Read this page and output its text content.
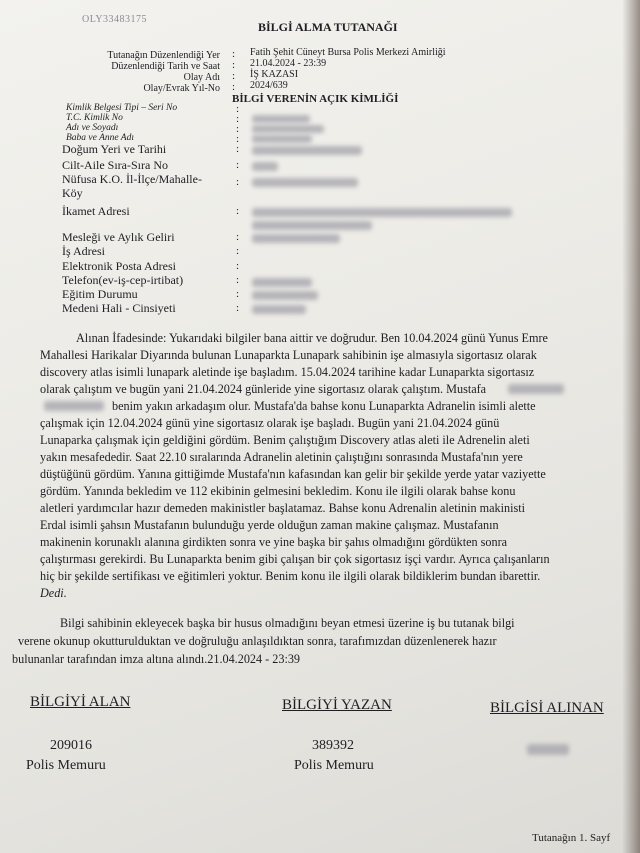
OLY33483175
BİLGİ ALMA TUTANAĞI
Tutanağın Düzenlendiği Yer : Fatih Şehit Cüneyt Bursa Polis Merkezi Amirliği
Düzenlendiği Tarih ve Saat : 21.04.2024 - 23:39
Olay Adı : İŞ KAZASI
Olay/Evrak Yıl-No : 2024/639
BİLGİ VERENİN AÇIK KİMLİĞİ
Kimlik Belgesi Tipi – Seri No	:
T.C. Kimlik No	:
Adı ve Soyadı	:
Baba ve Anne Adı	:
Doğum Yeri ve Tarihi	:
Cilt-Aile Sıra-Sıra No	:
Nüfusa K.O. İl-İlçe/Mahalle-	:
Köy
İkamet Adresi	:
Mesleği ve Aylık Geliri	:
İş Adresi	:
Elektronik Posta Adresi	:
Telefon(ev-iş-cep-irtibat)	:
Eğitim Durumu	:
Medeni Hali - Cinsiyeti	:
Alınan İfadesinde: Yukarıdaki bilgiler bana aittir ve doğrudur. Ben 10.04.2024 günü Yunus Emre
Mahallesi Harikalar Diyarında bulunan Lunaparkta Lunapark sahibinin işe almasıyla sigortasız olarak
discovery atlas isimli lunapark aletinde işe başladım. 15.04.2024 tarihine kadar Lunaparkta sigortasız
olarak çalıştım ve bugün yani 21.04.2024 günleride yine sigortasız olarak çalıştım. Mustafa
benim yakın arkadaşım olur. Mustafa'da bahse konu Lunaparkta Adranelin isimli alette
çalışmak için 12.04.2024 günü yine sigortasız olarak işe başladı. Bugün yani 21.04.2024 günü
Lunaparka çalışmak için geldiğini gördüm. Benim çalıştığım Discovery atlas aleti ile Adrenelin aleti
yakın mesafededir. Saat 22.10 sıralarında Adranelin aletinin çalıştığını sonrasında Mustafa'nın yere
düştüğünü gördüm. Yanına gittiğimde Mustafa'nın kafasından kan gelir bir şekilde yerde yatar vaziyette
gördüm. Yanında bekledim ve 112 ekibinin gelmesini bekledim. Konu ile ilgili olarak bahse konu
aletleri yardımcılar hazır demeden makinistler başlatamaz. Bahse konu Adrenalin aletinin makinisti
Erdal isimli şahsın Mustafanın bulunduğu yerde olduğun zaman makine çalışmaz. Mustafanın
makinenin korunaklı alanına girdikten sonra ve yine başka bir şahıs olmadığını gördükten sonra
çalıştırması gerekirdi. Bu Lunaparkta benim gibi çalışan bir çok sigortasız işçi vardır. Ayrıca çalışanların
hiç bir şekilde sertifikası ve eğitimleri yoktur. Benim konu ile ilgili olarak bildiklerim bundan ibarettir.
Dedi.
Bilgi sahibinin ekleyecek başka bir husus olmadığını beyan etmesi üzerine iş bu tutanak bilgi
verene okunup okutturulduktan ve doğruluğu anlaşıldıktan sonra, tarafımızdan düzenlenerek hazır
bulunanlar tarafından imza altına alındı.21.04.2024 - 23:39
BİLGİYİ ALAN
209016
Polis Memuru
BİLGİYİ YAZAN
389392
Polis Memuru
BİLGİSİ ALINAN
Tutanağın 1. Sayf
